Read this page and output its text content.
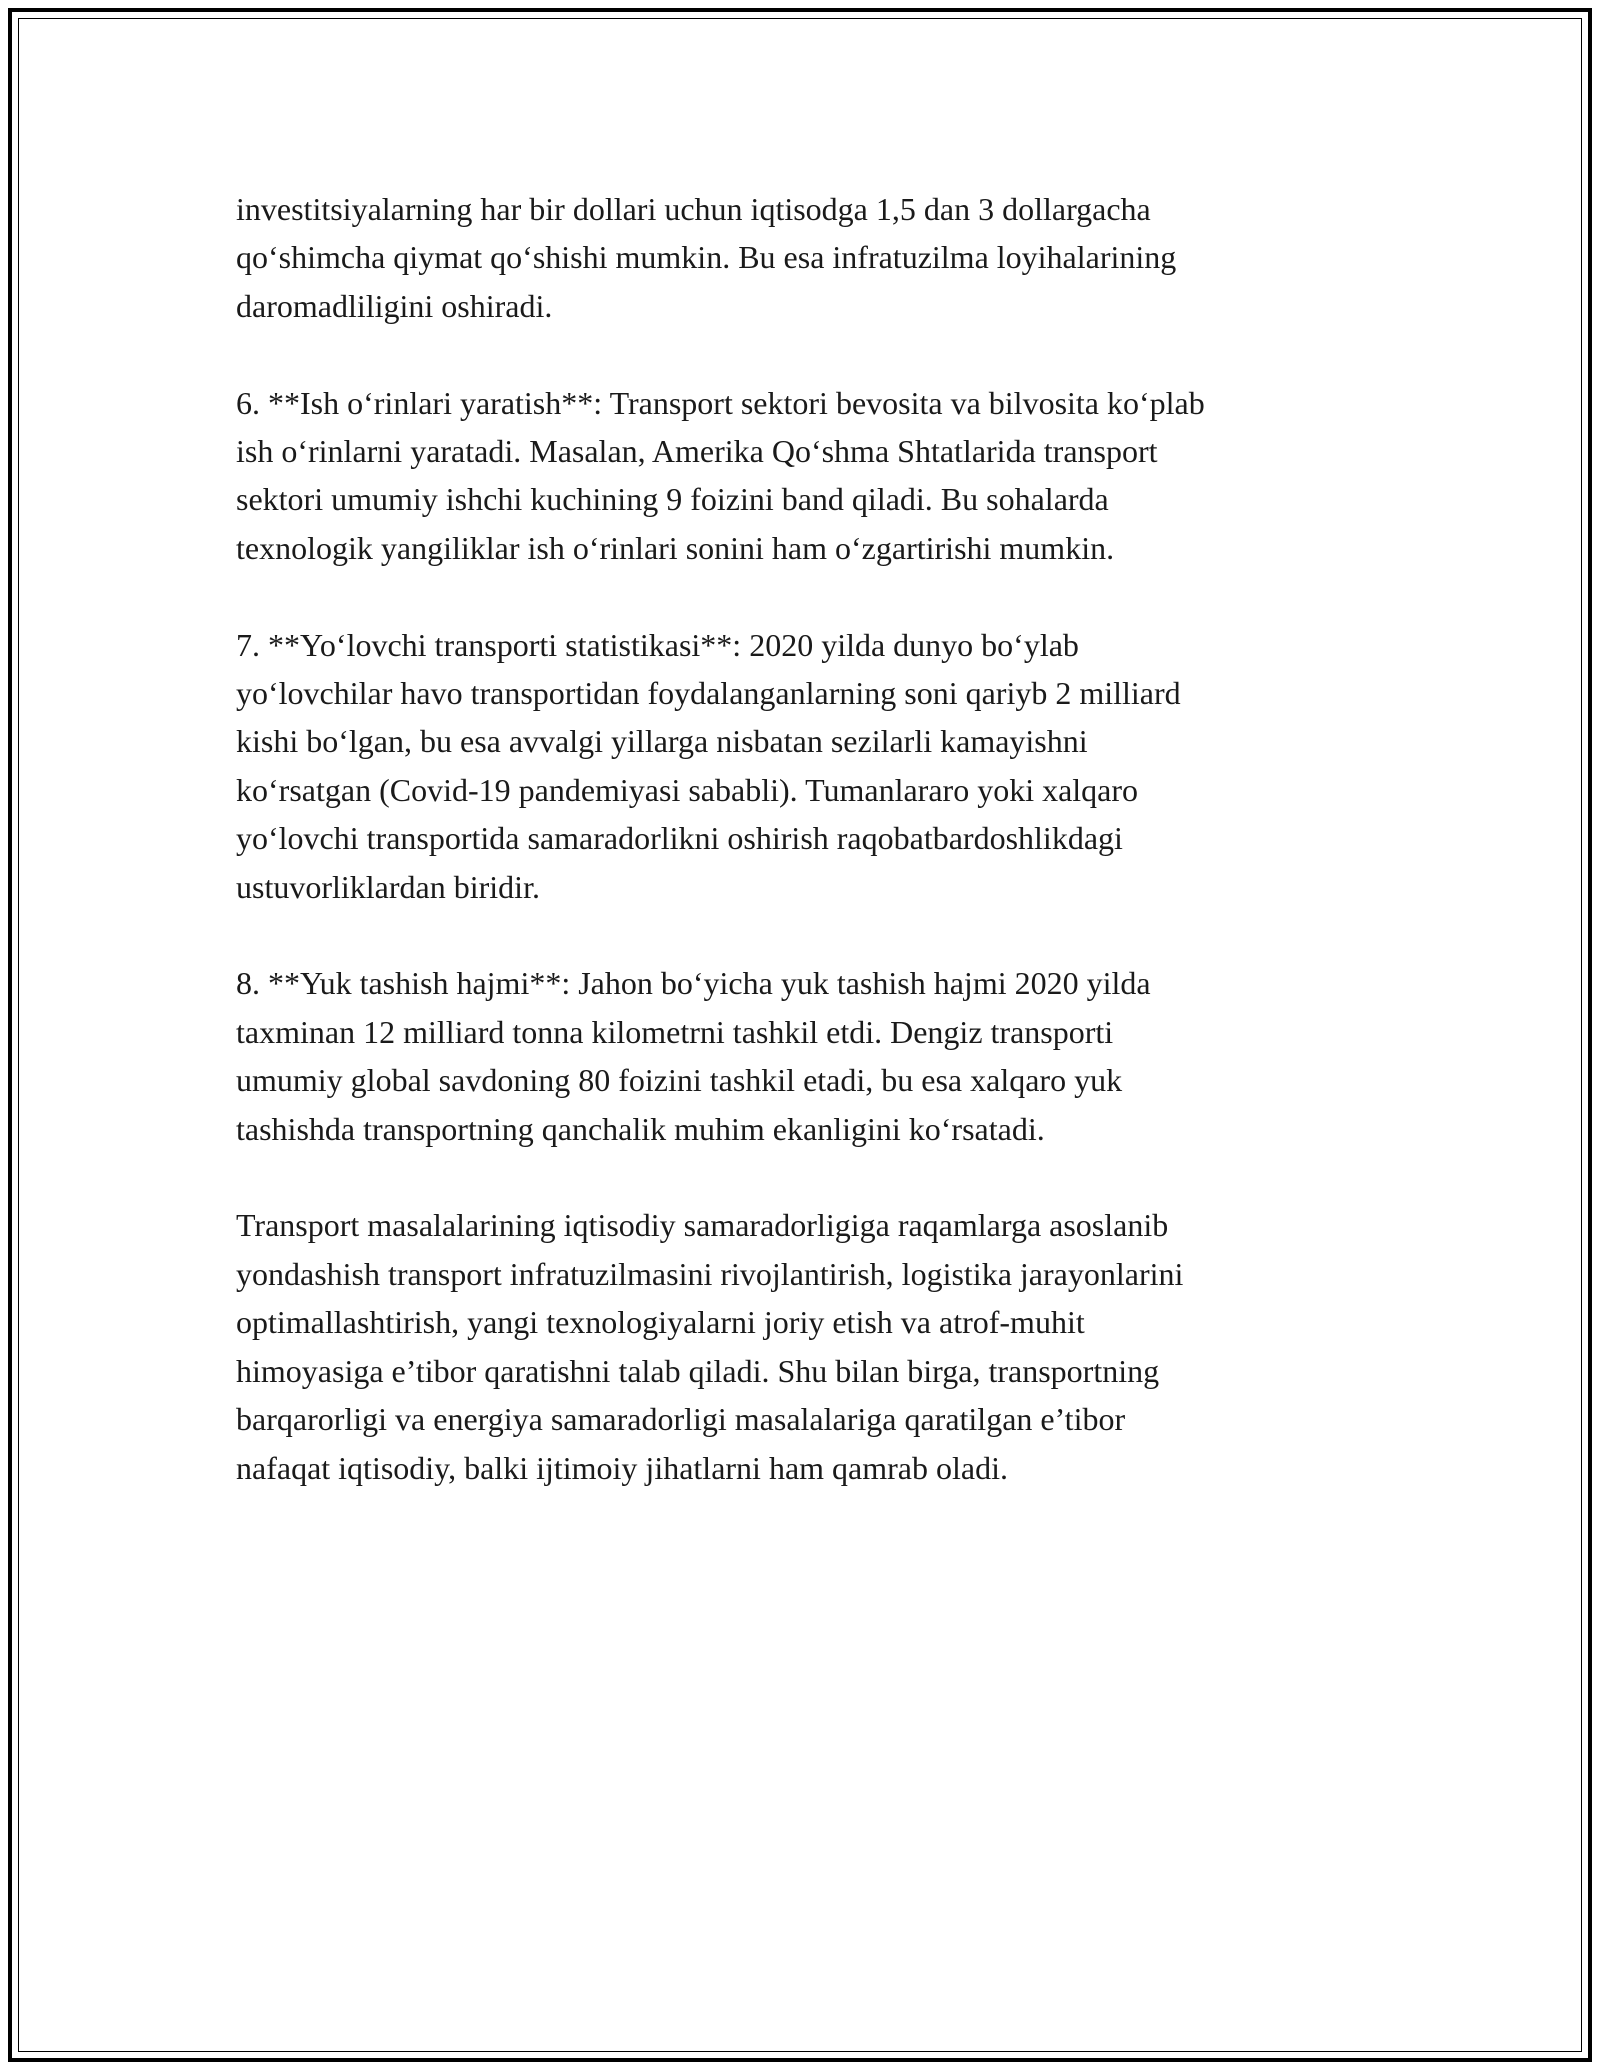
investitsiyalarning har bir dollari uchun iqtisodga 1,5 dan 3 dollargacha
qo‘shimcha qiymat qo‘shishi mumkin. Bu esa infratuzilma loyihalarining
daromadliligini oshiradi.

6. **Ish o‘rinlari yaratish**: Transport sektori bevosita va bilvosita ko‘plab
ish o‘rinlarni yaratadi. Masalan, Amerika Qo‘shma Shtatlarida transport
sektori umumiy ishchi kuchining 9 foizini band qiladi. Bu sohalarda
texnologik yangiliklar ish o‘rinlari sonini ham o‘zgartirishi mumkin.

7. **Yo‘lovchi transporti statistikasi**: 2020 yilda dunyo bo‘ylab
yo‘lovchilar havo transportidan foydalanganlarning soni qariyb 2 milliard
kishi bo‘lgan, bu esa avvalgi yillarga nisbatan sezilarli kamayishni
ko‘rsatgan (Covid-19 pandemiyasi sababli). Tumanlararo yoki xalqaro
yo‘lovchi transportida samaradorlikni oshirish raqobatbardoshlikdagi
ustuvorliklardan biridir.

8. **Yuk tashish hajmi**: Jahon bo‘yicha yuk tashish hajmi 2020 yilda
taxminan 12 milliard tonna kilometrni tashkil etdi. Dengiz transporti
umumiy global savdoning 80 foizini tashkil etadi, bu esa xalqaro yuk
tashishda transportning qanchalik muhim ekanligini ko‘rsatadi.

Transport masalalarining iqtisodiy samaradorligiga raqamlarga asoslanib
yondashish transport infratuzilmasini rivojlantirish, logistika jarayonlarini
optimallashtirish, yangi texnologiyalarni joriy etish va atrof-muhit
himoyasiga e’tibor qaratishni talab qiladi. Shu bilan birga, transportning
barqarorligi va energiya samaradorligi masalalariga qaratilgan e’tibor
nafaqat iqtisodiy, balki ijtimoiy jihatlarni ham qamrab oladi.
